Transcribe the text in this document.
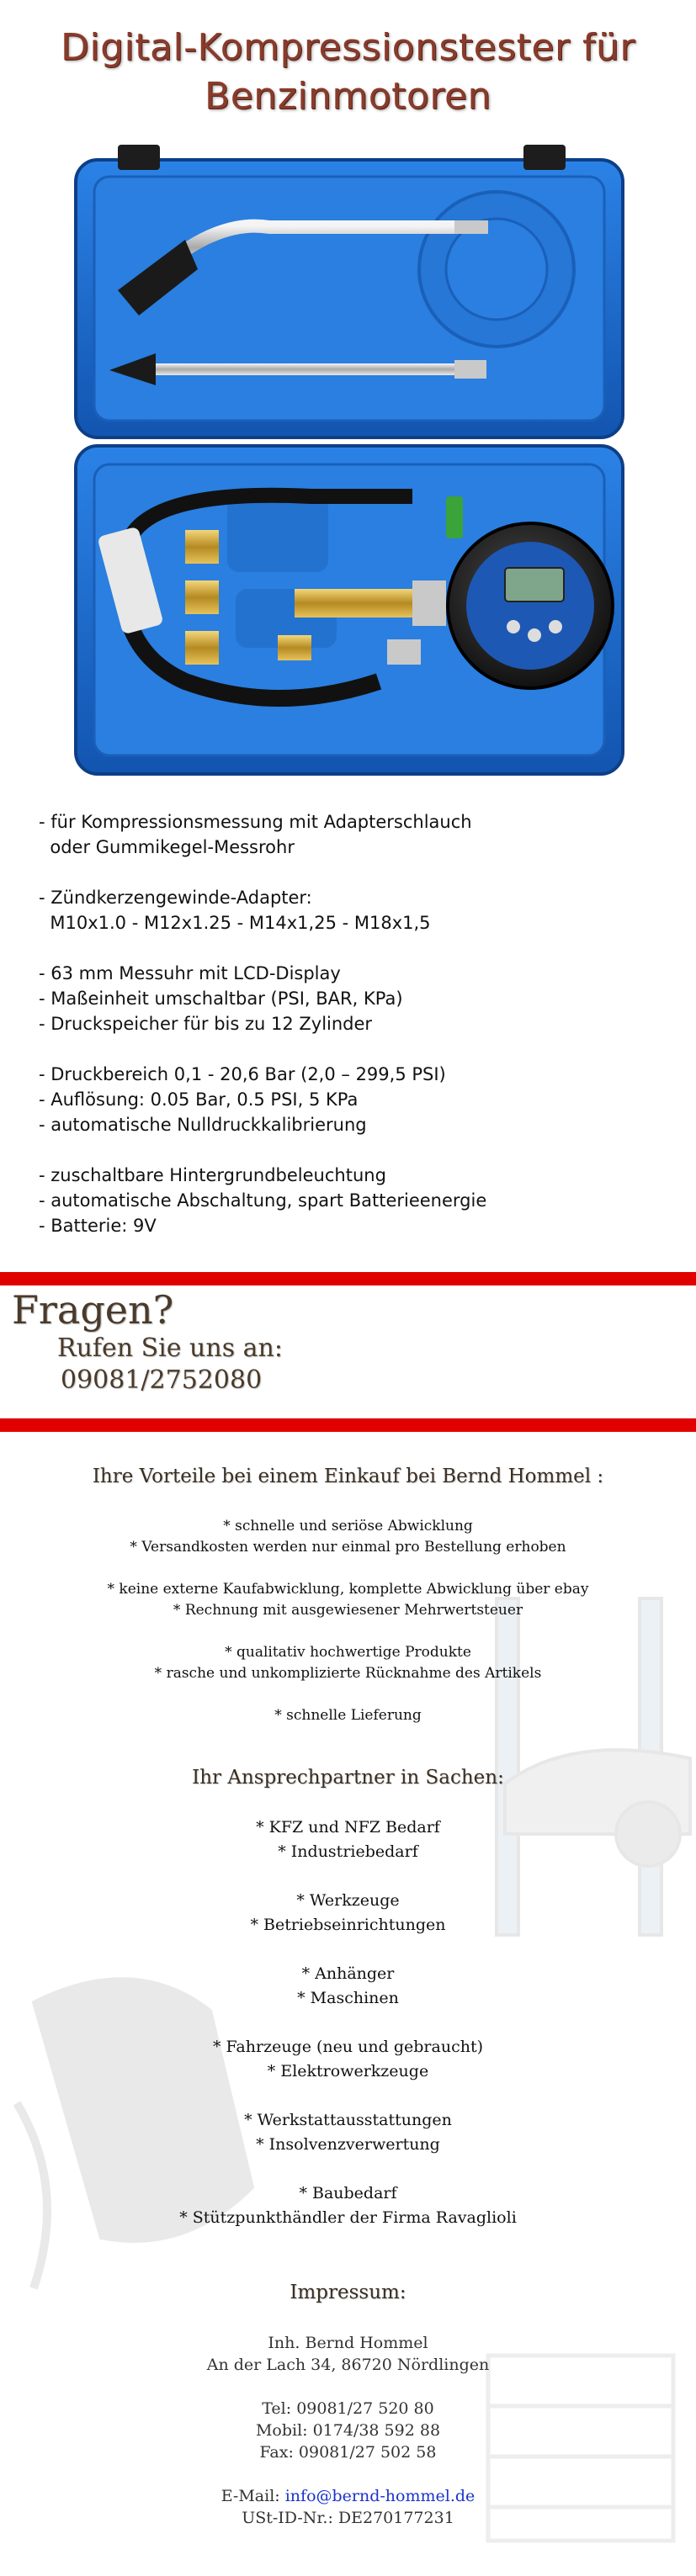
Digital-Kompressionstester für
Benzinmotoren
- für Kompressionsmessung mit Adapterschlauch
oder Gummikegel-Messrohr

- Zündkerzengewinde-Adapter:
M10x1.0 - M12x1.25 - M14x1,25 - M18x1,5

- 63 mm Messuhr mit LCD-Display
- Maßeinheit umschaltbar (PSI, BAR, KPa)
- Druckspeicher für bis zu 12 Zylinder

- Druckbereich 0,1 - 20,6 Bar (2,0 – 299,5 PSI)
- Auflösung: 0.05 Bar, 0.5 PSI, 5 KPa
- automatische Nulldruckkalibrierung

- zuschaltbare Hintergrundbeleuchtung
- automatische Abschaltung, spart Batterieenergie
- Batterie: 9V
Fragen?
Rufen Sie uns an:
09081/2752080
Ihre Vorteile bei einem Einkauf bei Bernd Hommel :
* schnelle und seriöse Abwicklung
* Versandkosten werden nur einmal pro Bestellung erhoben

* keine externe Kaufabwicklung, komplette Abwicklung über ebay
* Rechnung mit ausgewiesener Mehrwertsteuer

* qualitativ hochwertige Produkte
* rasche und unkomplizierte Rücknahme des Artikels

* schnelle Lieferung
Ihr Ansprechpartner in Sachen:
* KFZ und NFZ Bedarf
* Industriebedarf

* Werkzeuge
* Betriebseinrichtungen

* Anhänger
* Maschinen

* Fahrzeuge (neu und gebraucht)
* Elektrowerkzeuge

* Werkstattausstattungen
* Insolvenzverwertung

* Baubedarf
* Stützpunkthändler der Firma Ravaglioli
Impressum:
Inh. Bernd Hommel
An der Lach 34, 86720 Nördlingen

Tel: 09081/27 520 80
Mobil: 0174/38 592 88
Fax: 09081/27 502 58

E-Mail: info@bernd-hommel.de
USt-ID-Nr.: DE270177231
